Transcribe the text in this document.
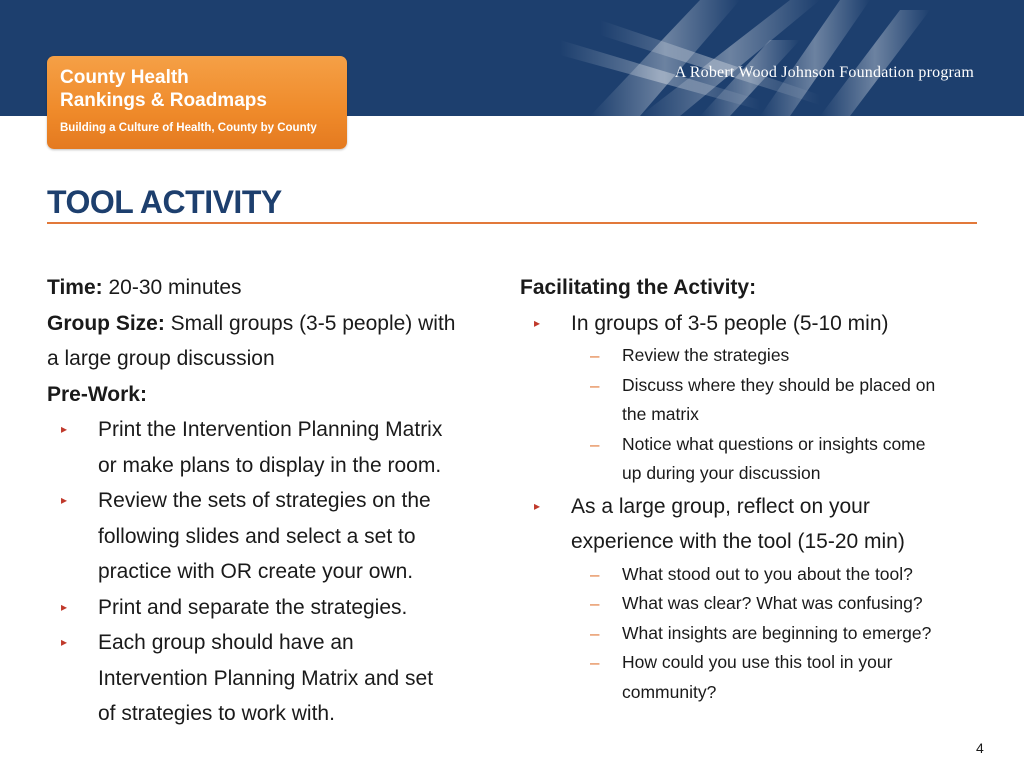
A Robert Wood Johnson Foundation program
County Health
Rankings & Roadmaps
Building a Culture of Health, County by County
TOOL ACTIVITY

Time: 20-30 minutes

Group Size: Small groups (3-5 people) with

a large group discussion

Pre-Work:

▸ Print the Intervention Planning Matrix
or make plans to display in the room.
▸ Review the sets of strategies on the
following slides and select a set to
practice with OR create your own.
▸ Print and separate the strategies.
▸ Each group should have an
Intervention Planning Matrix and set
of strategies to work with.
Facilitating the Activity:
▸ In groups of 3-5 people (5-10 min)
– Review the strategies
– Discuss where they should be placed on
the matrix
– Notice what questions or insights come
up during your discussion
▸ As a large group, reflect on your
experience with the tool (15-20 min)
– What stood out to you about the tool?
– What was clear? What was confusing?
– What insights are beginning to emerge?
– How could you use this tool in your
community?
4
